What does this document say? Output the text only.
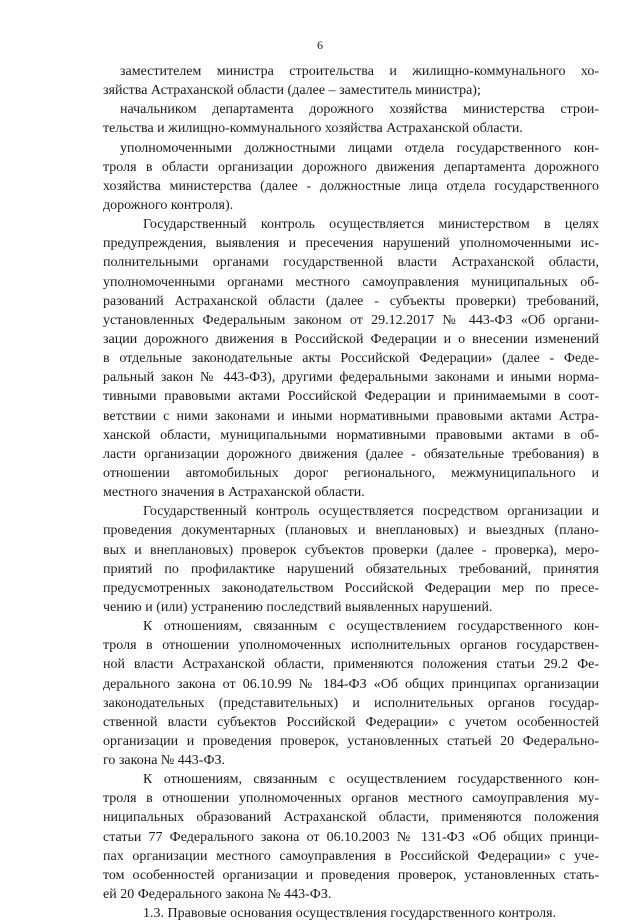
6
заместителем министра строительства и жилищно-коммунального хо-
зяйства Астраханской области (далее – заместитель министра);
начальником департамента дорожного хозяйства министерства строи-
тельства и жилищно-коммунального хозяйства Астраханской области.
уполномоченными должностными лицами отдела государственного кон-
троля в области организации дорожного движения департамента дорожного
хозяйства министерства (далее - должностные лица отдела государственного
дорожного контроля).
Государственный контроль осуществляется министерством в целях
предупреждения, выявления и пресечения нарушений уполномоченными ис-
полнительными органами государственной власти Астраханской области,
уполномоченными органами местного самоуправления муниципальных об-
разований Астраханской области (далее - субъекты проверки) требований,
установленных Федеральным законом от 29.12.2017 № 443-ФЗ «Об органи-
зации дорожного движения в Российской Федерации и о внесении изменений
в отдельные законодательные акты Российской Федерации» (далее - Феде-
ральный закон № 443-ФЗ), другими федеральными законами и иными норма-
тивными правовыми актами Российской Федерации и принимаемыми в соот-
ветствии с ними законами и иными нормативными правовыми актами Астра-
ханской области, муниципальными нормативными правовыми актами в об-
ласти организации дорожного движения (далее - обязательные требования) в
отношении автомобильных дорог регионального, межмуниципального и
местного значения в Астраханской области.
Государственный контроль осуществляется посредством организации и
проведения документарных (плановых и внеплановых) и выездных (плано-
вых и внеплановых) проверок субъектов проверки (далее - проверка), меро-
приятий по профилактике нарушений обязательных требований, принятия
предусмотренных законодательством Российской Федерации мер по пресе-
чению и (или) устранению последствий выявленных нарушений.
К отношениям, связанным с осуществлением государственного кон-
троля в отношении уполномоченных исполнительных органов государствен-
ной власти Астраханской области, применяются положения статьи 29.2 Фе-
дерального закона от 06.10.99 № 184-ФЗ «Об общих принципах организации
законодательных (представительных) и исполнительных органов государ-
ственной власти субъектов Российской Федерации» с учетом особенностей
организации и проведения проверок, установленных статьей 20 Федерально-
го закона № 443-ФЗ.
К отношениям, связанным с осуществлением государственного кон-
троля в отношении уполномоченных органов местного самоуправления му-
ниципальных образований Астраханской области, применяются положения
статьи 77 Федерального закона от 06.10.2003 № 131-ФЗ «Об общих принци-
пах организации местного самоуправления в Российской Федерации» с уче-
том особенностей организации и проведения проверок, установленных стать-
ей 20 Федерального закона № 443-ФЗ.
1.3. Правовые основания осуществления государственного контроля.
